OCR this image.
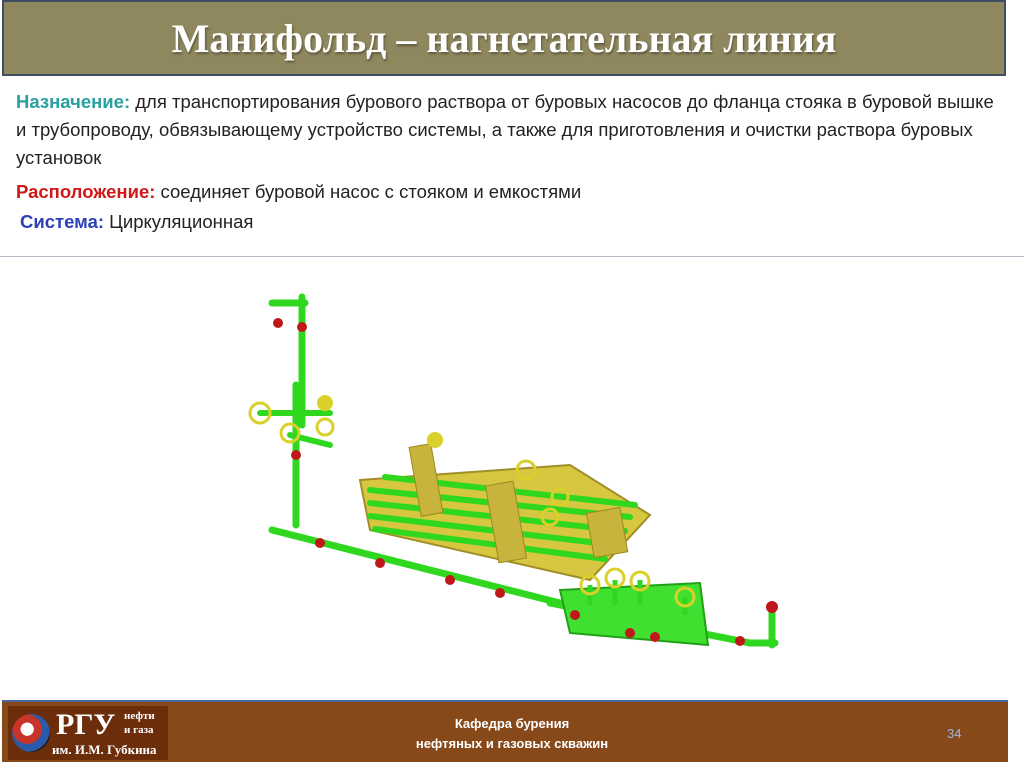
Манифольд – нагнетательная линия

Назначение: для транспортирования бурового раствора от буровых насосов до фланца стояка в буровой вышке и трубопроводу, обвязывающему устройство системы, а также для приготовления и очистки раствора буровых установок

Расположение: соединяет буровой насос с стояком и емкостями

Система: Циркуляционная

РГУ нефти
и газа
им. И.М. Губкина
Кафедра бурения
нефтяных и газовых скважин
34
